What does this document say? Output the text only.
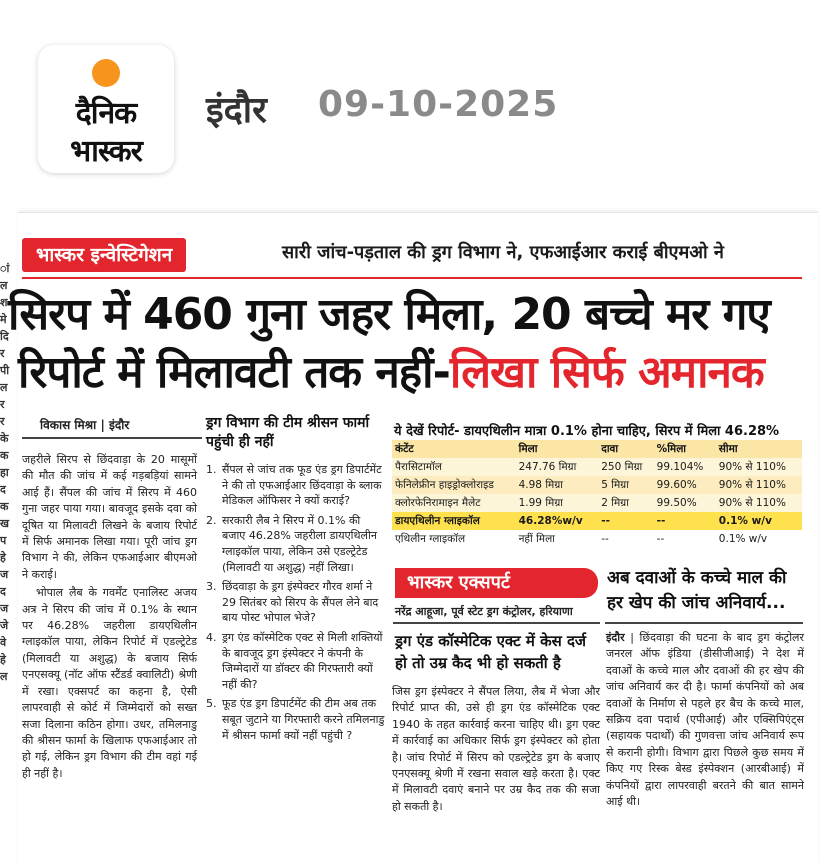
दैनिक
भास्कर
इंदौर 09-10-2025
ां
ल
श
मे
दि
र
पी
ल
र
र
के
क
हा
द
क
ख
प
हे
ज
द
ज
जे
वे
हे
ल
भास्कर इन्वेस्टिगेशन	सारी जांच-पड़ताल की ड्रग विभाग ने, एफआईआर कराई बीएमओ ने
सिरप में 460 गुना जहर मिला, 20 बच्चे मर गए
रिपोर्ट में मिलावटी तक नहीं-लिखा सिर्फ अमानक
विकास मिश्रा | इंदौर

जहरीले सिरप से छिंदवाड़ा के 20 मासूमों की मौत की जांच में कई गड़बड़ियां सामने आई हैं। सैंपल की जांच में सिरप में 460 गुना जहर पाया गया। बावजूद इसके दवा को दूषित या मिलावटी लिखने के बजाय रिपोर्ट में सिर्फ अमानक लिखा गया। पूरी जांच ड्रग विभाग ने की, लेकिन एफआईआर बीएमओ ने कराई।

भोपाल लैब के गवर्मेंट एनालिस्ट अजय अत्र ने सिरप की जांच में 0.1% के स्थान पर 46.28% जहरीला डायएथिलीन ग्लाइकॉल पाया, लेकिन रिपोर्ट में एडल्ट्रेटेड (मिलावटी या अशुद्ध) के बजाय सिर्फ एनएसक्यू (नॉट ऑफ स्टैंडर्ड क्वालिटी) श्रेणी में रखा। एक्सपर्ट का कहना है, ऐसी लापरवाही से कोर्ट में जिम्मेदारों को सख्त सजा दिलाना कठिन होगा। उधर, तमिलनाडु की श्रीसन फार्मा के खिलाफ एफआईआर तो हो गई, लेकिन ड्रग विभाग की टीम वहां गई ही नहीं है।

ड्रग विभाग की टीम श्रीसन फार्मा पहुंची ही नहीं
1. सैंपल से जांच तक फूड एंड ड्रग डिपार्टमेंट ने की तो एफआईआर छिंदवाड़ा के ब्लाक मेडिकल ऑफिसर ने क्यों कराई?
2. सरकारी लैब ने सिरप में 0.1% की बजाए 46.28% जहरीला डायएथिलीन ग्लाइकॉल पाया, लेकिन उसे एडल्ट्रेटेड (मिलावटी या अशुद्ध) नहीं लिखा।
3. छिंदवाड़ा के ड्रग इंस्पेक्टर गौरव शर्मा ने 29 सितंबर को सिरप के सैंपल लेने बाद बाय पोस्ट भोपाल भेजे?
4. ड्रग एंड कॉस्मेटिक एक्ट से मिली शक्तियों के बावजूद ड्रग इंस्पेक्टर ने कंपनी के जिम्मेदारों या डॉक्टर की गिरफ्तारी क्यों नहीं की?
5. फूड एंड ड्रग डिपार्टमेंट की टीम अब तक सबूत जुटाने या गिरफ्तारी करने तमिलनाडु में श्रीसन फार्मा क्यों नहीं पहुंची ?
ये देखें रिपोर्ट- डायएथिलीन मात्रा 0.1% होना चाहिए, सिरप में मिला 46.28%
कंटेंट	मिला	दावा	%मिला	सीमा
पैरासिटामॉल	247.76 मिग्रा	250 मिग्रा	99.104%	90% से 110%
फेनिलेफ्रीन हाइड्रोक्लोराइड	4.98 मिग्रा	5 मिग्रा	99.60%	90% से 110%
क्लोरफेनिरामाइन मैलेट	1.99 मिग्रा	2 मिग्रा	99.50%	90% से 110%
डायएथिलीन ग्लाइकॉल	46.28%w/v	--	--	0.1% w/v
एथिलीन ग्लाइकॉल	नहीं मिला	--	--	0.1% w/v
भास्कर एक्सपर्ट
नरेंद्र आहूजा, पूर्व स्टेट ड्रग कंट्रोलर, हरियाणा
ड्रग एंड कॉस्मेटिक एक्ट में केस दर्ज हो तो उम्र कैद भी हो सकती है
जिस ड्रग इंस्पेक्टर ने सैंपल लिया, लैब में भेजा और रिपोर्ट प्राप्त की, उसे ही ड्रग एंड कॉस्मेटिक एक्ट 1940 के तहत कार्रवाई करना चाहिए थी। ड्रग एक्ट में कार्रवाई का अधिकार सिर्फ ड्रग इंस्पेक्टर को होता है। जांच रिपोर्ट में सिरप को एडल्ट्रेटेड ड्रग के बजाए एनएसक्यू श्रेणी में रखना सवाल खड़े करता है। एक्ट में मिलावटी दवाएं बनाने पर उम्र कैद तक की सजा हो सकती है।
अब दवाओं के कच्चे माल की हर खेप की जांच अनिवार्य...
इंदौर | छिंदवाड़ा की घटना के बाद ड्रग कंट्रोलर जनरल ऑफ इंडिया (डीसीजीआई) ने देश में दवाओं के कच्चे माल और दवाओं की हर खेप की जांच अनिवार्य कर दी है। फार्मा कंपनियों को अब दवाओं के निर्माण से पहले हर बैच के कच्चे माल, सक्रिय दवा पदार्थ (एपीआई) और एक्सिपिएंट्स (सहायक पदार्थों) की गुणवत्ता जांच अनिवार्य रूप से करानी होगी। विभाग द्वारा पिछले कुछ समय में किए गए रिस्क बेस्ड इंस्पेक्शन (आरबीआई) में कंपनियों द्वारा लापरवाही बरतने की बात सामने आई थी।
